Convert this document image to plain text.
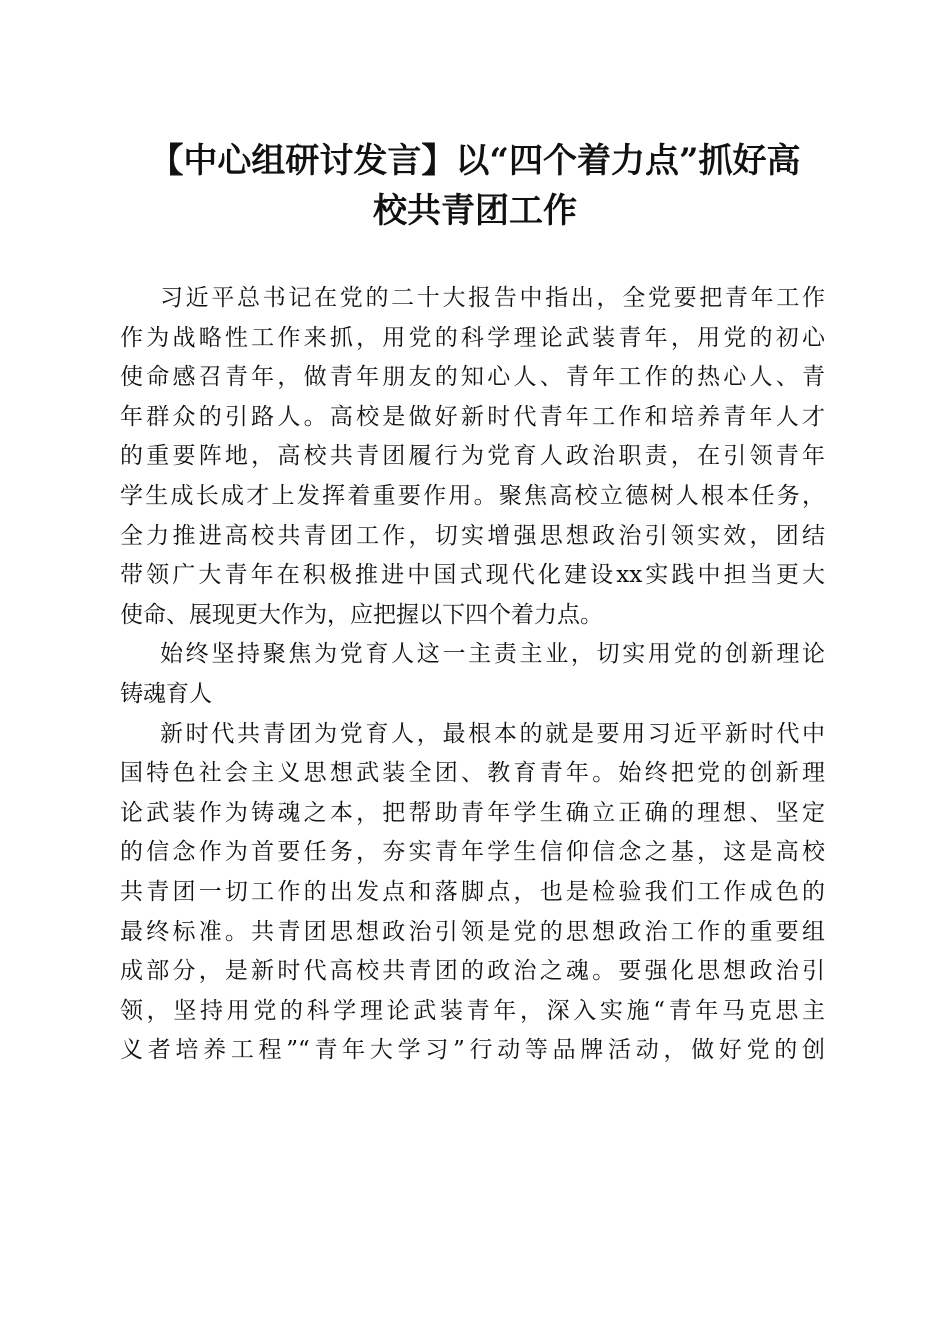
【中心组研讨发言】以“四个着力点”抓好高
校共青团工作
习近平总书记在党的二十大报告中指出，全党要把青年工作
作为战略性工作来抓，用党的科学理论武装青年，用党的初心
使命感召青年，做青年朋友的知心人、青年工作的热心人、青
年群众的引路人。高校是做好新时代青年工作和培养青年人才
的重要阵地，高校共青团履行为党育人政治职责，在引领青年
学生成长成才上发挥着重要作用。聚焦高校立德树人根本任务，
全力推进高校共青团工作，切实增强思想政治引领实效，团结
带领广大青年在积极推进中国式现代化建设xx实践中担当更大
使命、展现更大作为，应把握以下四个着力点。
始终坚持聚焦为党育人这一主责主业，切实用党的创新理论
铸魂育人
新时代共青团为党育人，最根本的就是要用习近平新时代中
国特色社会主义思想武装全团、教育青年。始终把党的创新理
论武装作为铸魂之本，把帮助青年学生确立正确的理想、坚定
的信念作为首要任务，夯实青年学生信仰信念之基，这是高校
共青团一切工作的出发点和落脚点，也是检验我们工作成色的
最终标准。共青团思想政治引领是党的思想政治工作的重要组
成部分，是新时代高校共青团的政治之魂。要强化思想政治引
领，坚持用党的科学理论武装青年，深入实施“青年马克思主
义者培养工程”“青年大学习”行动等品牌活动，做好党的创
